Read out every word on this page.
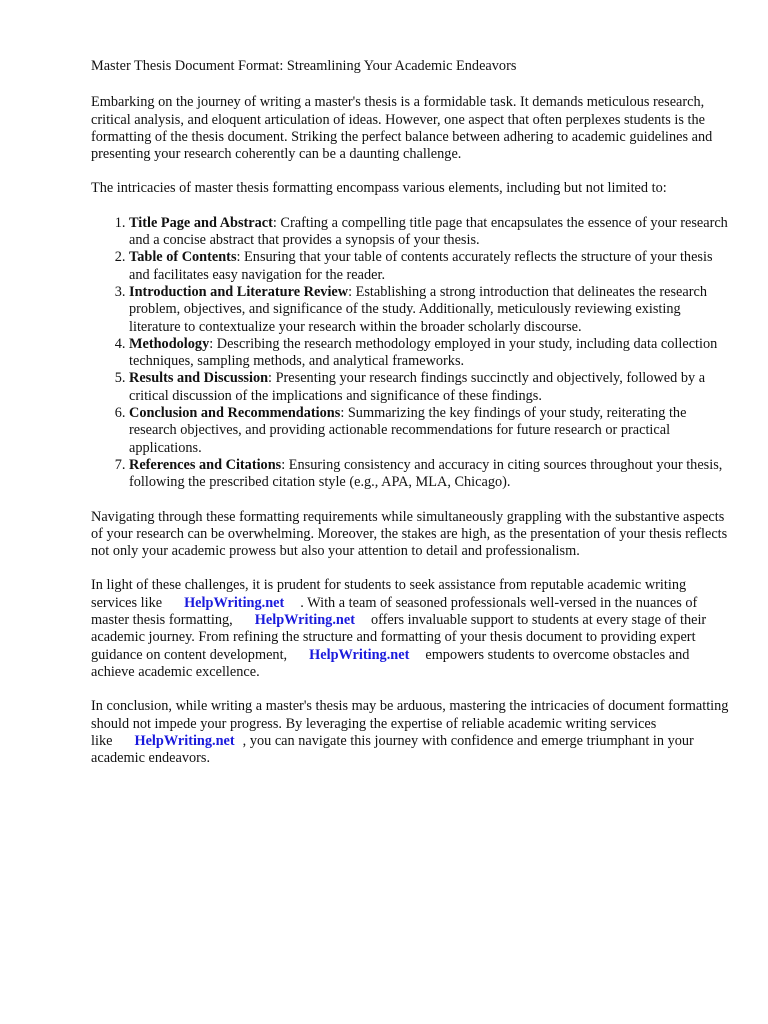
Master Thesis Document Format: Streamlining Your Academic Endeavors

Embarking on the journey of writing a master's thesis is a formidable task. It demands meticulous research, critical analysis, and eloquent articulation of ideas. However, one aspect that often perplexes students is the formatting of the thesis document. Striking the perfect balance between adhering to academic guidelines and presenting your research coherently can be a daunting challenge.

The intricacies of master thesis formatting encompass various elements, including but not limited to:

1. Title Page and Abstract: Crafting a compelling title page that encapsulates the essence of your research and a concise abstract that provides a synopsis of your thesis.
2. Table of Contents: Ensuring that your table of contents accurately reflects the structure of your thesis and facilitates easy navigation for the reader.
3. Introduction and Literature Review: Establishing a strong introduction that delineates the research problem, objectives, and significance of the study. Additionally, meticulously reviewing existing literature to contextualize your research within the broader scholarly discourse.
4. Methodology: Describing the research methodology employed in your study, including data collection techniques, sampling methods, and analytical frameworks.
5. Results and Discussion: Presenting your research findings succinctly and objectively, followed by a critical discussion of the implications and significance of these findings.
6. Conclusion and Recommendations: Summarizing the key findings of your study, reiterating the research objectives, and providing actionable recommendations for future research or practical applications.
7. References and Citations: Ensuring consistency and accuracy in citing sources throughout your thesis, following the prescribed citation style (e.g., APA, MLA, Chicago).

Navigating through these formatting requirements while simultaneously grappling with the substantive aspects of your research can be overwhelming. Moreover, the stakes are high, as the presentation of your thesis reflects not only your academic prowess but also your attention to detail and professionalism.

In light of these challenges, it is prudent for students to seek assistance from reputable academic writing services like HelpWriting.net . With a team of seasoned professionals well-versed in the nuances of master thesis formatting, HelpWriting.net offers invaluable support to students at every stage of their academic journey. From refining the structure and formatting of your thesis document to providing expert guidance on content development, HelpWriting.net empowers students to overcome obstacles and achieve academic excellence.

In conclusion, while writing a master's thesis may be arduous, mastering the intricacies of document formatting should not impede your progress. By leveraging the expertise of reliable academic writing services like HelpWriting.net , you can navigate this journey with confidence and emerge triumphant in your academic endeavors.
